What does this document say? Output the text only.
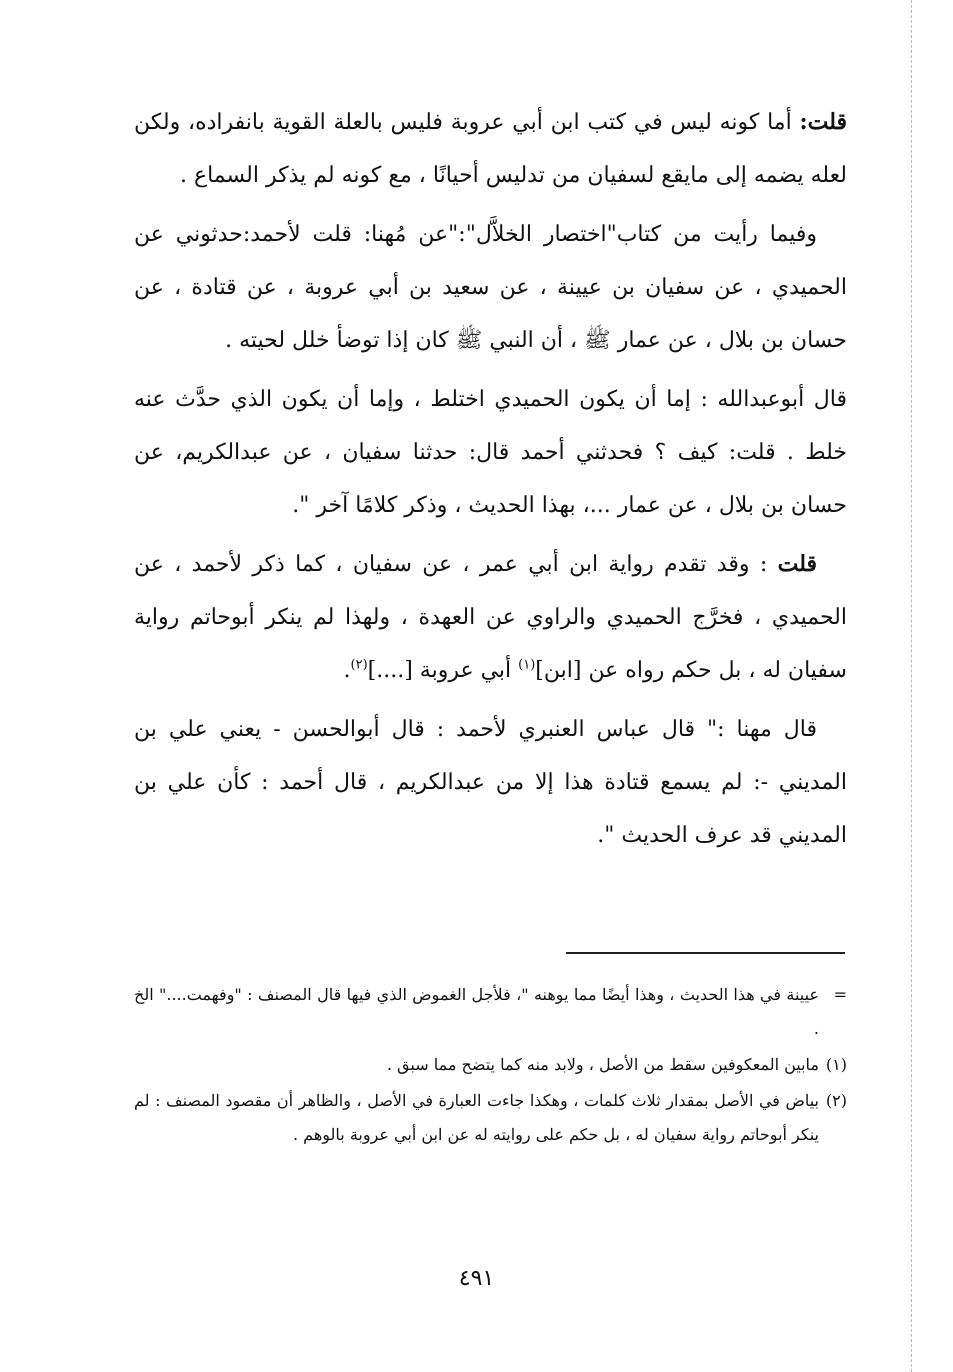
قلت: أما كونه ليس في كتب ابن أبي عروبة فليس بالعلة القوية بانفراده، ولكن لعله يضمه إلى مايقع لسفيان من تدليس أحيانًا ، مع كونه لم يذكر السماع .

وفيما رأيت من كتاب"اختصار الخلاَّل":"عن مُهنا: قلت لأحمد:حدثوني عن الحميدي ، عن سفيان بن عيينة ، عن سعيد بن أبي عروبة ، عن قتادة ، عن حسان بن بلال ، عن عمار ﷺ ، أن النبي ﷺ كان إذا توضأ خلل لحيته .

قال أبوعبدالله : إما أن يكون الحميدي اختلط ، وإما أن يكون الذي حدَّث عنه خلط . قلت: كيف ؟ فحدثني أحمد قال: حدثنا سفيان ، عن عبدالكريم، عن حسان بن بلال ، عن عمار ...، بهذا الحديث ، وذكر كلامًا آخر ".

قلت : وقد تقدم رواية ابن أبي عمر ، عن سفيان ، كما ذكر لأحمد ، عن الحميدي ، فخرَّج الحميدي والراوي عن العهدة ، ولهذا لم ينكر أبوحاتم رواية سفيان له ، بل حكم رواه عن [ابن]$^{(١)}$ أبي عروبة [....]$^{(٢)}$.

قال مهنا :" قال عباس العنبري لأحمد : قال أبوالحسن - يعني علي بن المديني -: لم يسمع قتادة هذا إلا من عبدالكريم ، قال أحمد : كأن علي بن المديني قد عرف الحديث ".

=
عيينة في هذا الحديث ، وهذا أيضًا مما يوهنه "، فلأجل الغموض الذي فيها قال المصنف : "وفهمت...." الخ .
(١)
مابين المعكوفين سقط من الأصل ، ولابد منه كما يتضح مما سبق .
(٢)
بياض في الأصل بمقدار ثلاث كلمات ، وهكذا جاءت العبارة في الأصل ، والظاهر أن مقصود المصنف : لم ينكر أبوحاتم رواية سفيان له ، بل حكم على روايته له عن ابن أبي عروبة بالوهم .
٤٩١
